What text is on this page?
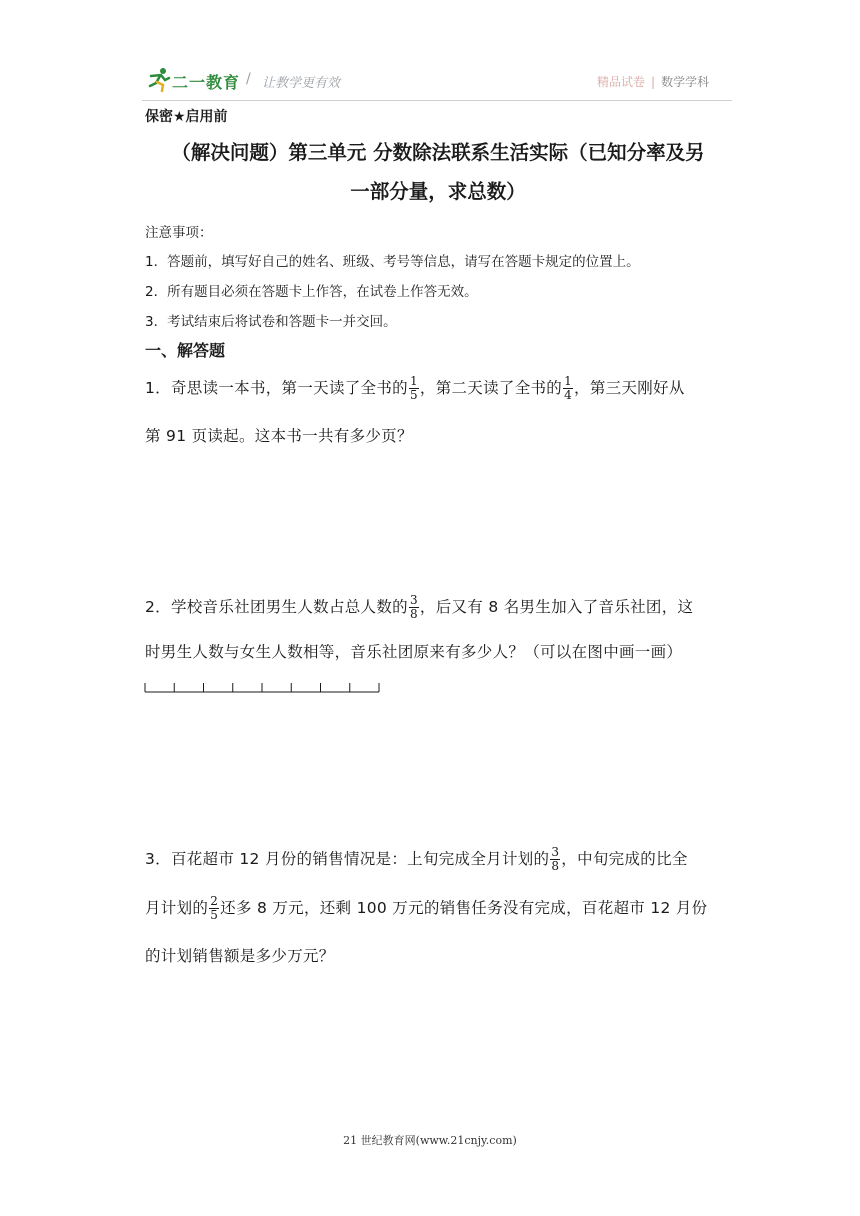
二一教育 / 让教学更有效	精品试卷 | 数学学科
保密★启用前
（解决问题）第三单元 分数除法联系生活实际（已知分率及另
一部分量，求总数）
注意事项：
1．答题前，填写好自己的姓名、班级、考号等信息，请写在答题卡规定的位置上。
2．所有题目必须在答题卡上作答，在试卷上作答无效。
3．考试结束后将试卷和答题卡一并交回。
一、解答题
1．奇思读一本书，第一天读了全书的 $\frac{1}{5}$ ，第二天读了全书的 $\frac{1}{4}$ ，第三天刚好从
第 91 页读起。这本书一共有多少页？
2．学校音乐社团男生人数占总人数的 $\frac{3}{8}$ ，后又有 8 名男生加入了音乐社团，这
时男生人数与女生人数相等，音乐社团原来有多少人？（可以在图中画一画）
3．百花超市 12 月份的销售情况是：上旬完成全月计划的 $\frac{3}{8}$ ，中旬完成的比全
月计划的 $\frac{2}{5}$ 还多 8 万元，还剩 100 万元的销售任务没有完成，百花超市 12 月份
的计划销售额是多少万元？
21 世纪教育网(www.21cnjy.com)
